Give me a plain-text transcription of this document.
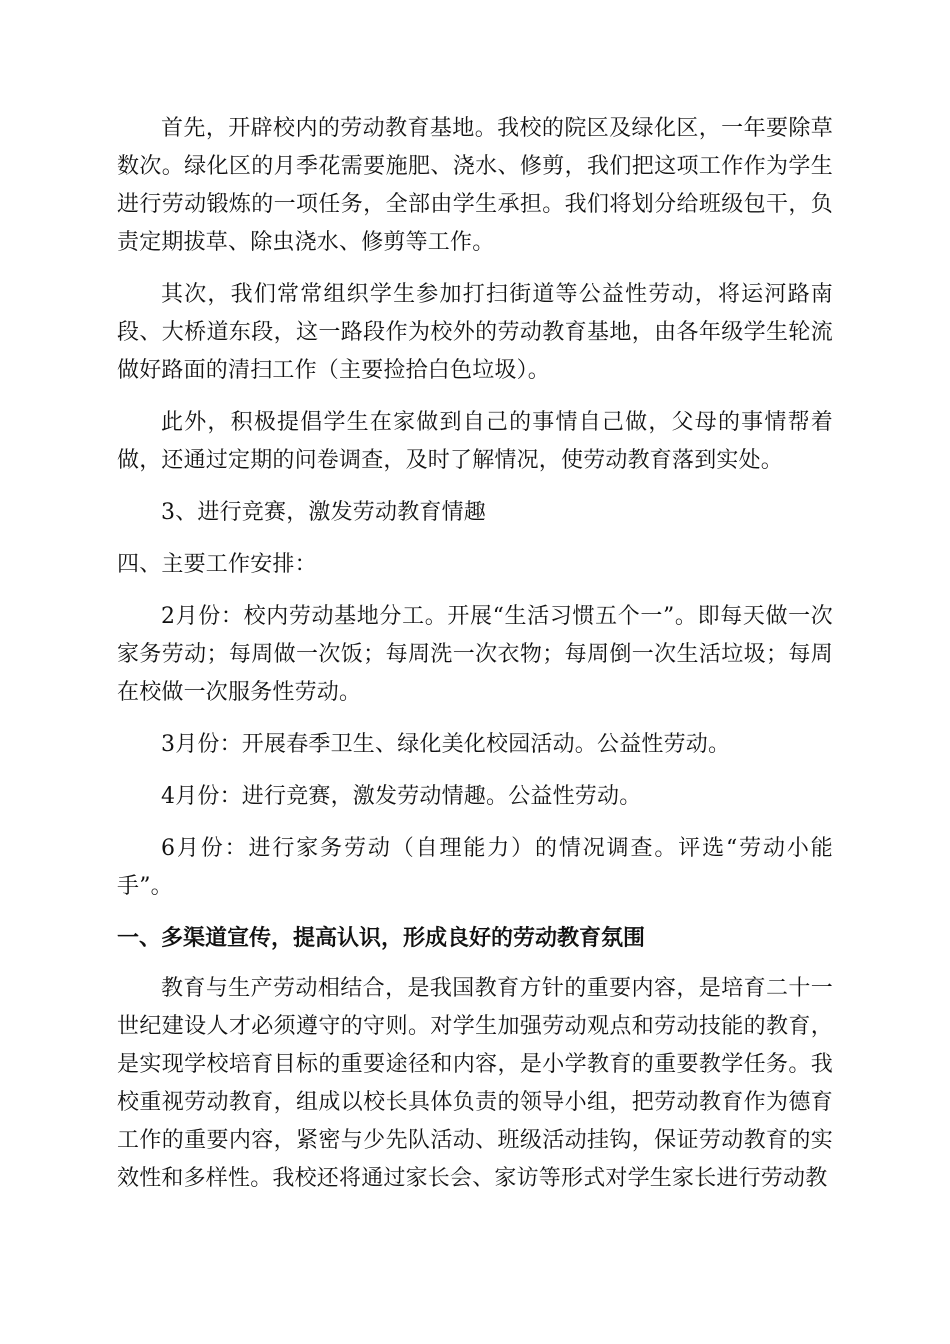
首先，开辟校内的劳动教育基地。我校的院区及绿化区，一年要除草数次。绿化区的月季花需要施肥、浇水、修剪，我们把这项工作作为学生进行劳动锻炼的一项任务，全部由学生承担。我们将划分给班级包干，负责定期拔草、除虫浇水、修剪等工作。

其次，我们常常组织学生参加打扫街道等公益性劳动，将运河路南段、大桥道东段，这一路段作为校外的劳动教育基地，由各年级学生轮流做好路面的清扫工作（主要捡拾白色垃圾）。

此外，积极提倡学生在家做到自己的事情自己做，父母的事情帮着做，还通过定期的问卷调查，及时了解情况，使劳动教育落到实处。

3、进行竞赛，激发劳动教育情趣

四、主要工作安排：

2月份：校内劳动基地分工。开展“生活习惯五个一”。即每天做一次家务劳动；每周做一次饭；每周洗一次衣物；每周倒一次生活垃圾；每周在校做一次服务性劳动。

3月份：开展春季卫生、绿化美化校园活动。公益性劳动。

4月份：进行竞赛，激发劳动情趣。公益性劳动。

6月份：进行家务劳动（自理能力）的情况调查。评选“劳动小能手”。

一、多渠道宣传，提高认识，形成良好的劳动教育氛围

教育与生产劳动相结合，是我国教育方针的重要内容，是培育二十一世纪建设人才必须遵守的守则。对学生加强劳动观点和劳动技能的教育，是实现学校培育目标的重要途径和内容，是小学教育的重要教学任务。我校重视劳动教育，组成以校长具体负责的领导小组，把劳动教育作为德育工作的重要内容，紧密与少先队活动、班级活动挂钩，保证劳动教育的实效性和多样性。我校还将通过家长会、家访等形式对学生家长进行劳动教
